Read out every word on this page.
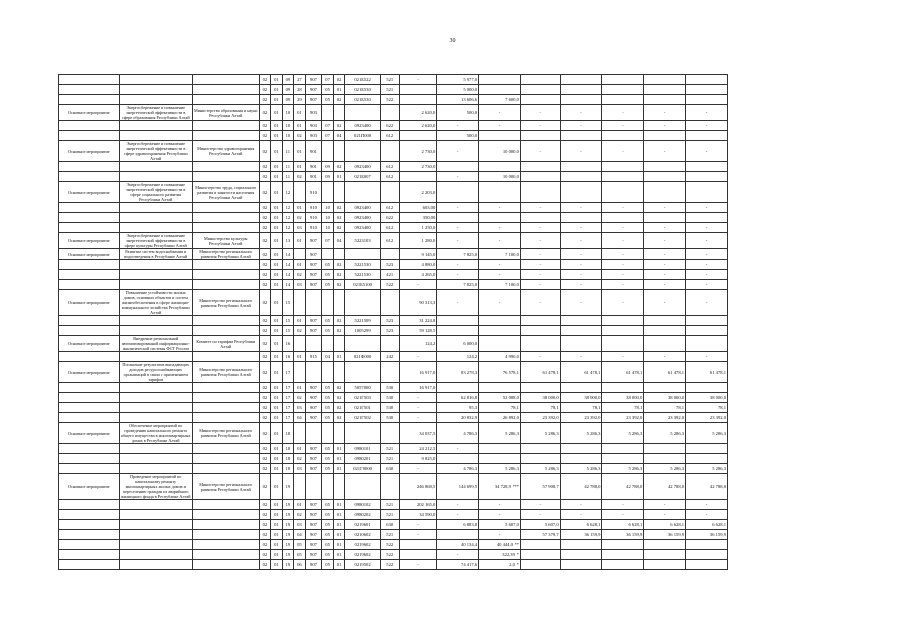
30
			02	01	09	27	907	07	02	021Б522	521	-	5 977,0						
			02	01	09	28	907	05	01	021Б530	521		5 000,0						
			02	01	09	29	907	05	02	021Б530	522		13 606,6	7 600,0					
Основное мероприятие	Энергосбережение и повышение энергетической эффективности в сфере образования Республики Алтай	Министерство образования и науки Республики Алтай	02	01	10	01	903					2 620,0	500,0	-	-	-	-	-	-
			02	01	10	01	903	07	02	0923400	622	2 620,0	-	-	-	-	-	-	-
			02	01	10	02	903	07	04	021П000	612		500,0						
Основное мероприятие	Энергосбережение и повышение энергетической эффективности в сфере здравоохранения Республики Алтай	Министерство здравоохранения Республики Алтай	02	01	11	01	901					2 730,0	-	10 000,0	-	-	-	-	-
			02	01	11	01	901	09	02	0923400	612	2 730,0							
			02	01	11	02	901	09	01	021Б007	612		-	10 000,0					
Основное мероприятие	Энергосбережение и повышение энергетической эффективности в сфере социального развития Республики Алтай	Министерство труда, социального развития и занятости населения Республики Алтай	02	01	12		910					2 203,0							
			02	01	12	01	910	10	02	0923400	612	603,00	-	-	-	-	-	-	-
			02	01	12	02	910	10	02	0923400	622	350,00							
			02	01	12	03	910	10	02	0923400	612	1 250,0	-	-	-	-	-	-	-
Основное мероприятие	Энергосбережение и повышение энергетической эффективности в сфере культуры Республики Алтай	Министерство культуры Республики Алтай	02	01	13	01	907	07	04	5223103	612	1 280,0	-	-	-	-	-	-	-
Основное мероприятие	Развитие систем водоснабжения и водоотведения в Республике Алтай	Министерство регионального развития Республики Алтай	02	01	14		907					9 145,0	7 825,0	7 100,0	-	-	-	-	-
			02	01	14	01	907	05	02	5221530	523	4 880,0	-	-	-	-	-	-	-
			02	01	14	02	907	05	02	5221530	421	4 265,0	-	-	-	-	-	-	-
			02	01	14	03	907	05	02	021Б5100	522	-	7 825,0	7 100,0	-	-	-	-	-
Основное мероприятие	Повышение устойчивости жилых домов, основных объектов и систем жизнеобеспечения в сфере жилищно-коммунального хозяйства Республики Алтай	Министерство регионального развития Республики Алтай	02	01	15							90 313,3	-	-	-	-	-	-	-
			02	01	15	01	907	05	02	5221509	523	31 224,8							
			02	01	15	02	907	05	02	1005299	523	59 128,5							
Основное мероприятие	Внедрение региональной автоматизированной информационно-аналитической системы ФСТ России	Комитет по тарифам Республики Алтай	02	01	16							124,2	6 000,0						
			02	01	16	01	915	04	01	021Ф000	242	-	124,2	4 990,0	-	-	-	-	-
Основное мероприятие	Погашение результатов выпадающих доходов ресурсоснабжающих организаций в связи с применением тарифов	Министерство регионального развития Республики Алтай	02	01	17							16 917,0	83 278,3	76 578,1	61 478,1	61 478,1	61 478,1	61 478,1	61 478,1
			02	01	17	01	907	05	02	5057000	530	16 917,0							
			02	01	17	02	907	05	02	021Г503	530	-	62 816,8	52 088,0	38 000,0	38 000,0	38 000,0	38 000,0	38 000,0
			02	01	17	03	907	05	02	021Г501	530	-	95,3	78,1	78,1	78,1	78,1	78,1	78,1
			02	01	17	04	907	05	02	021Г502	530	-	20 832,9	26 892,0	23 392,0	23 392,0	23 392,0	23 392,0	23 392,0
Основное мероприятие	Обеспечение мероприятий по проведению капитального ремонта общего имущества в многоквартирных домах в Республике Алтай	Министерство регионального развития Республики Алтай	02	01	18							34 037,5	4 786,3	5 286,3	5 286,3	5 286,3	5 286,3	5 286,3	5 286,3
			02	01	18	01	907	05	01	0980101	521	24 212,5	-						
			02	01	18	02	907	05	01	0980201	521	9 825,0							
			02	01	18	03	907	05	01	021Г0000	630	-	4 786,3	5 286,3	5 286,3	5 286,3	5 286,3	5 286,3	5 286,3
Основное мероприятие	Проведение мероприятий по капитальному ремонту многоквартирных жилых домов и переселению граждан из аварийного жилищного фонда в Республике Алтай	Министерство регионального развития Республики Алтай	02	01	19							246 868,5	144 699,5	34 728,9 ***	57 908,7	42 788,0	42 788,0	42 788,0	42 788,0
			02	01	19	01	907	05	01	0980102	521	202 165,0	-	-	-	-	-	-	-
			02	01	19	02	907	05	01	0980202	521	34 590,0	-	-	-	-	-	-	-
			02	01	19	03	907	05	01	0219601	630	-	6 883,8	5 607,0	5 607,0	6 628,1	6 628,1	6 628,1	6 628,1
			02	01	19	04	907	05	01	0210602	521	-		-	57 379,7	36 159,9	36 159,9	36 159,9	36 159,9
			02	01	19	05	907	05	01	0219602	522		40 134,4	40 444,0 **					
			02	01	19	05	907	05	01	0219602	522		-	322,39 *					
			02	01	19	06	907	05	01	0219502	522	-	74 417,6	2,0 *					
